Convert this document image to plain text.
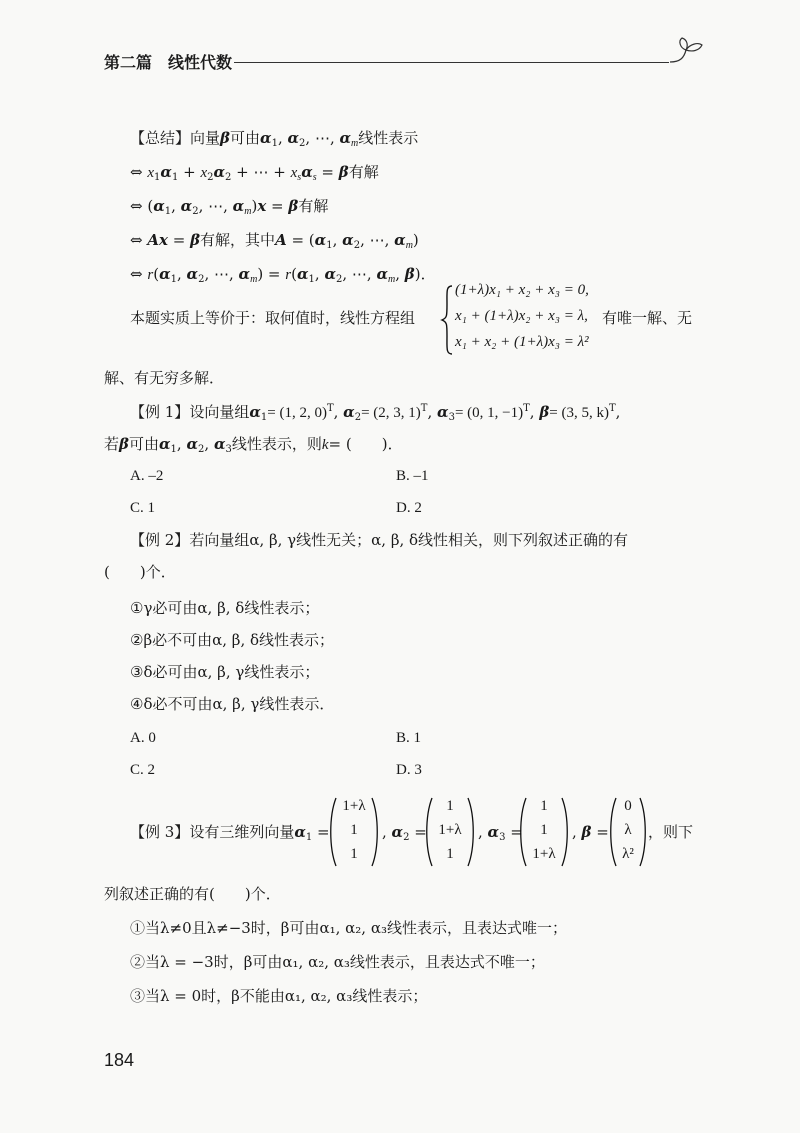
第二篇　线性代数
【总结】向量β可由$\alpha_1$, $\alpha_2$, ⋯, $\alpha_m$线性表示
⇔ $x_1\alpha_1 + x_2\alpha_2$ + ⋯ + $x_s\alpha_s = \beta$有解
⇔ ($\alpha_1$, $\alpha_2$, ⋯, $\alpha_m)x = \beta$有解
⇔ Ax = β有解，其中$A = (\alpha_1$, $\alpha_2$, ⋯, $\alpha_m$)
⇔ $r(\alpha_1$, $\alpha_2$, ⋯, $\alpha_m) = r(\alpha_1$, $\alpha_2$, ⋯, $\alpha_m$, β)．
本题实质上等价于：取何值时，线性方程组
(1+λ)x₁ + x₂ + x₃ = 0,
x₁ + (1+λ)x₂ + x₃ = λ,
x₁ + x₂ + (1+λ)x₃ = λ²
有唯一解、无
解、有无穷多解．
【例 1】设向量组$\alpha_1= (1$, 2, 0)$^T$, $\alpha_2= (2$, 3, 1)$^T$, $\alpha_3= (0$, 1, −1)$^T$, β= (3, 5, k)$^T$,
若β可由$\alpha_1$, $\alpha_2$, $\alpha_3$线性表示，则k= (　　)．
A. –2	B. –1
C. 1	D. 2
【例 2】若向量组α, β, γ线性无关；α, β, δ线性相关，则下列叙述正确的有
(　　)个．
①γ必可由α, β, δ线性表示；
②β必不可由α, β, δ线性表示；
③δ必可由α, β, γ线性表示；
④δ必不可由α, β, γ线性表示．
A. 0	B. 1
C. 2	D. 3
【例 3】设有三维列向量$\alpha_1$ =
1+λ
1
1
, $\alpha_2$ =
1
1+λ
1
, $\alpha_3$ =
1
1
1+λ
, β =
0
λ
λ²
，则下
列叙述正确的有(　　)个．
①当λ≠0且λ≠−3时，β可由α₁, α₂, α₃线性表示，且表达式唯一；
②当λ = −3时，β可由α₁, α₂, α₃线性表示，且表达式不唯一；
③当λ = 0时，β不能由α₁, α₂, α₃线性表示；
184
